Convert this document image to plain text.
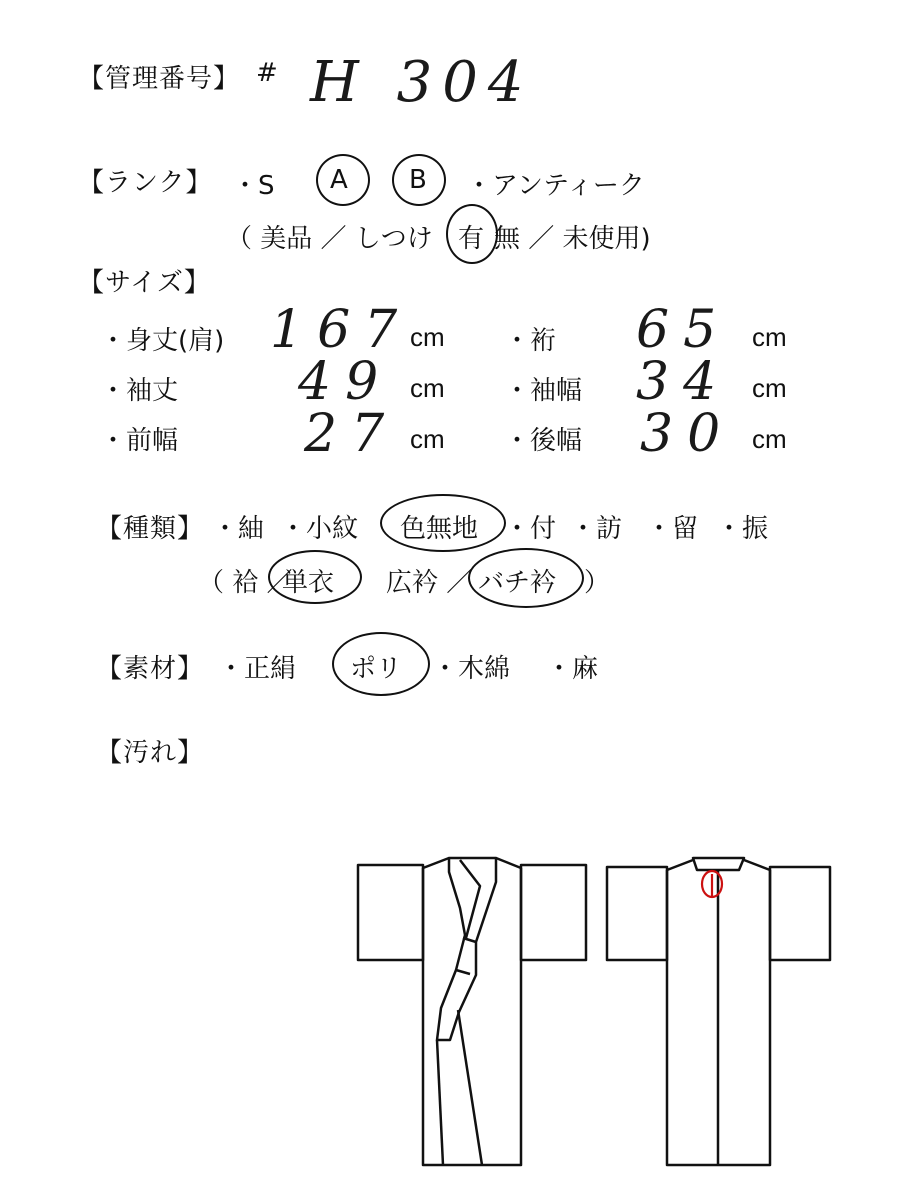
【管理番号】 # H 304
【ランク】 ・S A B ・アンティーク
（ 美品 ／ しつけ 有 無 ／ 未使用)
【サイズ】
・身丈(肩) 167
cm ・裄 65 cm
・袖丈 49 cm ・袖幅 34 cm
・前幅 27 cm ・後幅 30 cm
【種類】 ・紬 ・小紋 色無地 ・付 ・訪 ・留 ・振
（ 袷 ／
単衣 広衿 ／ バチ衿 ）
【素材】 ・正絹 ポリ ・木綿 ・麻
【汚れ】
